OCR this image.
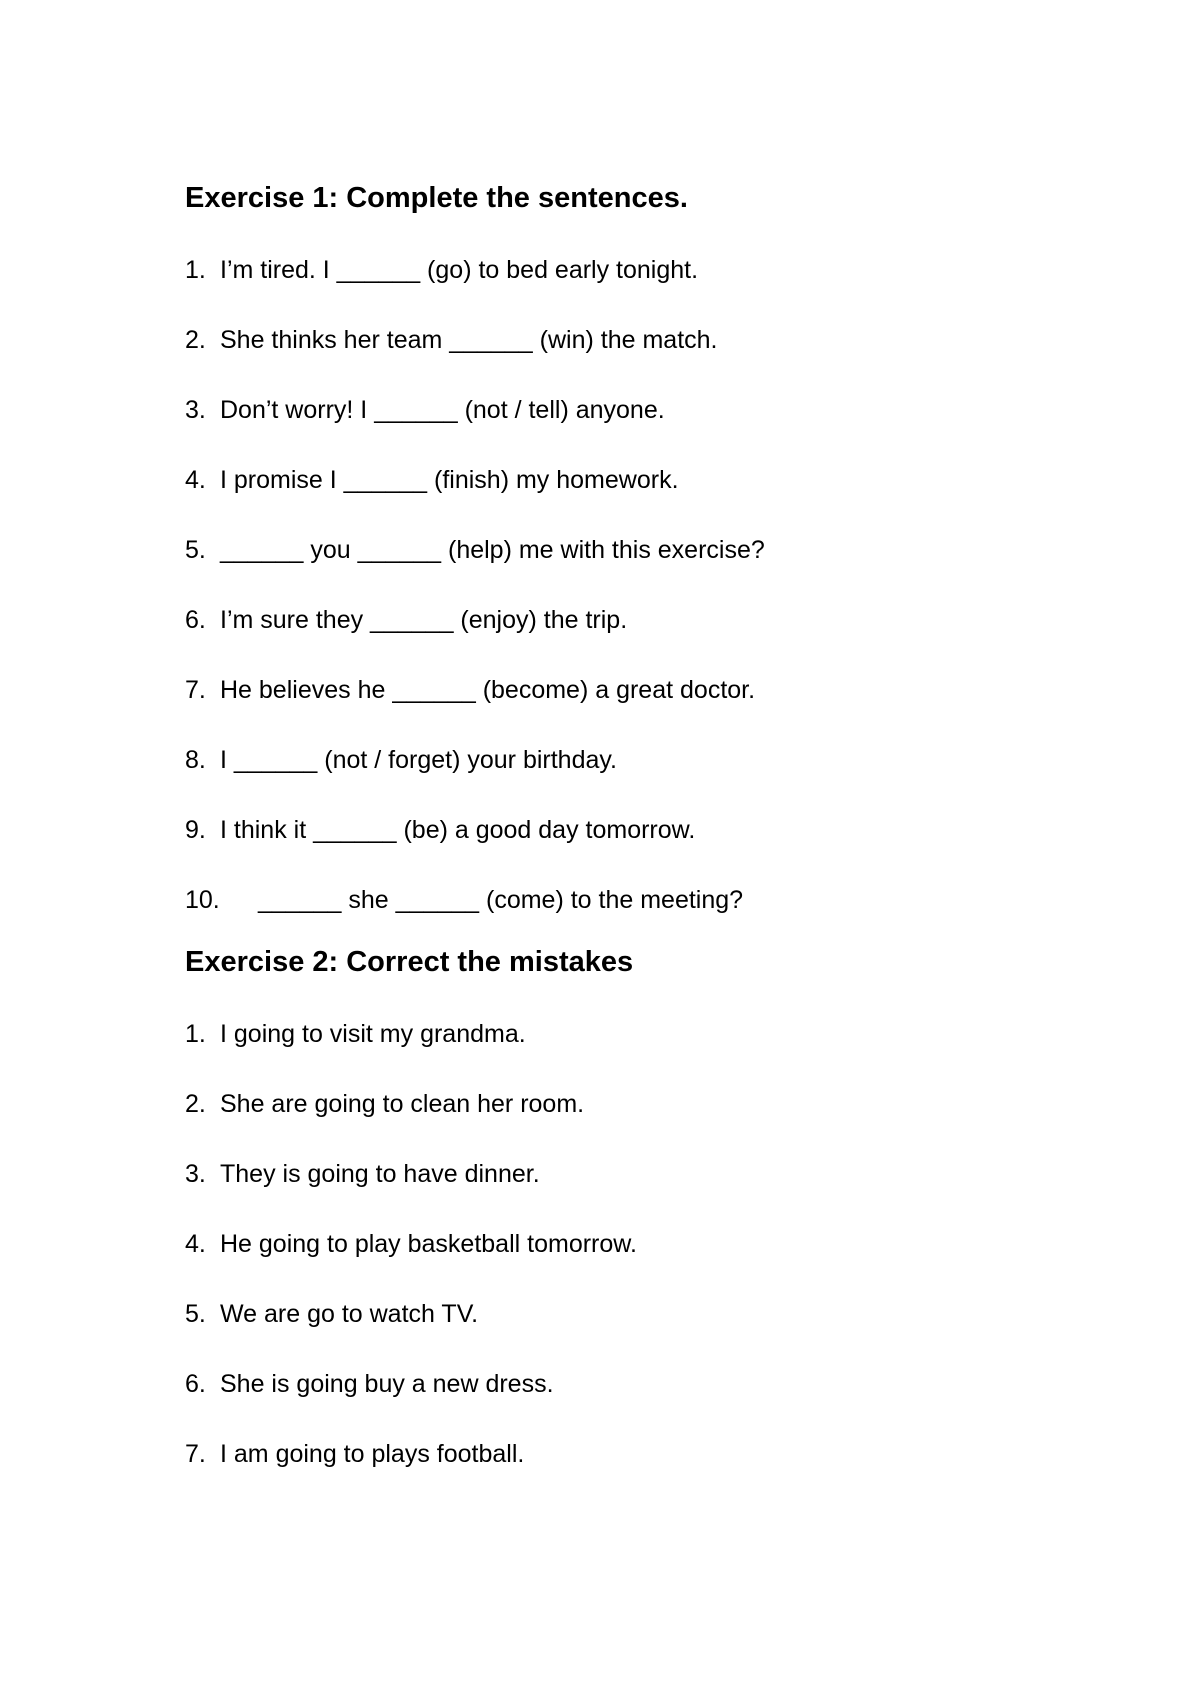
Exercise 1: Complete the sentences.
1. I’m tired. I ______ (go) to bed early tonight.
2. She thinks her team ______ (win) the match.
3. Don’t worry! I ______ (not / tell) anyone.
4. I promise I ______ (finish) my homework.
5. ______ you ______ (help) me with this exercise?
6. I’m sure they ______ (enjoy) the trip.
7. He believes he ______ (become) a great doctor.
8. I ______ (not / forget) your birthday.
9. I think it ______ (be) a good day tomorrow.
10. ______ she ______ (come) to the meeting?
Exercise 2: Correct the mistakes
1. I going to visit my grandma.
2. She are going to clean her room.
3. They is going to have dinner.
4. He going to play basketball tomorrow.
5. We are go to watch TV.
6. She is going buy a new dress.
7. I am going to plays football.
